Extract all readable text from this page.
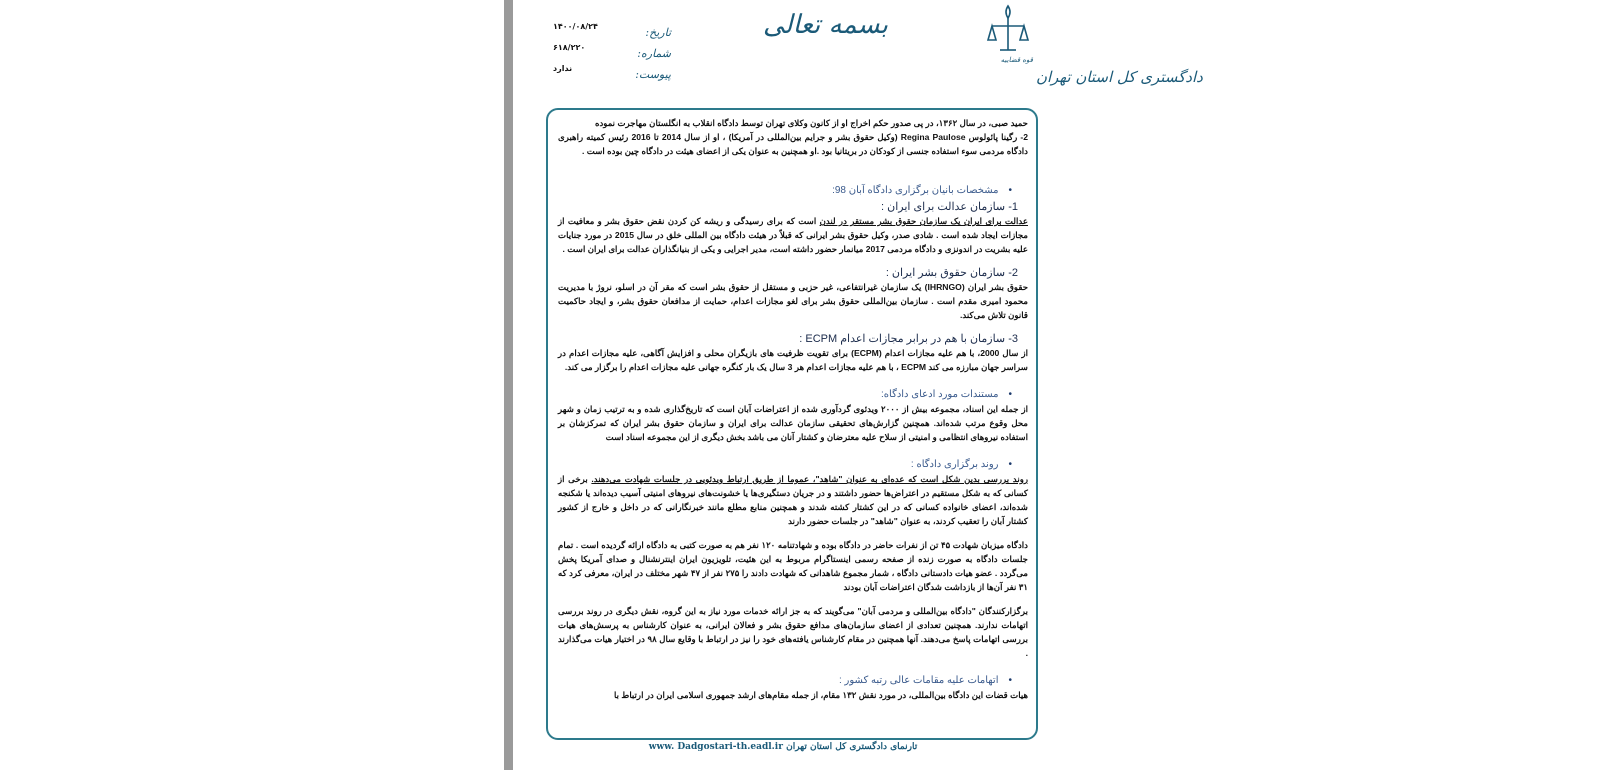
۱۴۰۰/۰۸/۲۴
۶۱۸/۲۲۰
ندارد
تاریخ:
شماره:
پیوست:
بسمه تعالی
دادگستری کل استان تهران
قوه قضاییه

حمید صبی، در سال ۱۳۶۲، در پی صدور حکم اخراج او از کانون وکلای تهران توسط دادگاه انقلاب به انگلستان مهاجرت نموده

2- رگینا پائولوس Regina Paulose (وکیل حقوق بشر و جرایم بین‌المللی در آمریکا) ، او از سال 2014 تا 2016 رئیس کمیته راهبری دادگاه مردمی سوء استفاده جنسی از کودکان در بریتانیا بود .او همچنین به عنوان یکی از اعضای هیئت در دادگاه چین بوده است .

• مشخصات بانیان برگزاری دادگاه آبان 98:

1- سازمان عدالت برای ایران :

عدالت برای ایران یک سازمان حقوق بشر مستقر در لندن است که برای رسیدگی و ریشه کن کردن نقض حقوق بشر و معافیت از مجازات ایجاد شده است . شادی صدر، وکیل حقوق بشر ایرانی که قبلاً در هیئت دادگاه بین المللی خلق در سال 2015 در مورد جنایات علیه بشریت در اندونزی و دادگاه مردمی 2017 میانمار حضور داشته است، مدیر اجرایی و یکی از بنیانگذاران عدالت برای ایران است .

2- سازمان حقوق بشر ایران :

حقوق بشر ایران (IHRNGO) یک سازمان غیرانتفاعی، غیر حزبی و مستقل از حقوق بشر است که مقر آن در اسلو، نروژ با مدیریت محمود امیری مقدم است . سازمان بین‌المللی حقوق بشر برای لغو مجازات اعدام، حمایت از مدافعان حقوق بشر، و ایجاد حاکمیت قانون تلاش می‌کند.

3- سازمان با هم در برابر مجازات اعدام ECPM :

از سال 2000، با هم علیه مجازات اعدام (ECPM) برای تقویت ظرفیت های بازیگران محلی و افزایش آگاهی، علیه مجازات اعدام در سراسر جهان مبارزه می کند ECPM ، با هم علیه مجازات اعدام هر 3 سال یک بار کنگره جهانی علیه مجازات اعدام را برگزار می کند.

• مستندات مورد ادعای دادگاه:

از جمله این اسناد، مجموعه بیش از ۲۰۰۰ ویدئوی گردآوری شده از اعتراضات آبان است که تاریخ‌گذاری شده و به ترتیب زمان و شهر محل وقوع مرتب شده‌اند. همچنین گزارش‌های تحقیقی سازمان عدالت برای ایران و سازمان حقوق بشر ایران که تمرکزشان بر استفاده نیروهای انتظامی و امنیتی از سلاح علیه معترضان و کشتار آنان می باشد بخش دیگری از این مجموعه اسناد است

• روند برگزاری دادگاه :

روند بررسی بدین شکل است که عده‌ای به عنوان "شاهد"، عموما از طریق ارتباط ویدئویی در جلسات شهادت می‌دهند. برخی از کسانی که به شکل مستقیم در اعتراض‌ها حضور داشتند و در جریان دستگیری‌ها یا خشونت‌های نیروهای امنیتی آسیب دیده‌اند یا شکنجه شده‌اند، اعضای خانواده کسانی که در این کشتار کشته شدند و همچنین منابع مطلع مانند خبرنگارانی که در داخل و خارج از کشور کشتار آبان را تعقیب کردند، به عنوان "شاهد" در جلسات حضور دارند

دادگاه میزبان شهادت ۴۵ تن از نفرات حاضر در دادگاه بوده و شهادتنامه ۱۲۰ نفر هم به صورت کتبی به دادگاه ارائه گردیده است . تمام جلسات دادگاه به صورت زنده از صفحه رسمی اینستاگرام مربوط به این هئیت، تلویزیون ایران اینترنشنال و صدای آمریکا پخش می‌گردد . عضو هیات دادستانی دادگاه ، شمار مجموع شاهدانی که شهادت دادند را ۲۷۵ نفر از ۴۷ شهر مختلف در ایران، معرفی کرد که ۳۱ نفر آن‌ها از بازداشت شدگان اعتراضات آبان بودند

برگزارکنندگان "دادگاه بین‌المللی و مردمی آبان" می‌گویند که به جز ارائه خدمات مورد نیاز به این گروه، نقش دیگری در روند بررسی اتهامات ندارند. همچنین تعدادی از اعضای سازمان‌های مدافع حقوق بشر و فعالان ایرانی، به عنوان کارشناس به پرسش‌های هیات بررسی اتهامات پاسخ می‌دهند. آنها همچنین در مقام کارشناس یافته‌های خود را نیز در ارتباط با وقایع سال ۹۸ در اختیار هیات می‌گذارند .

• اتهامات علیه مقامات عالی رتبه کشور :

هیات قضات این دادگاه بین‌المللی، در مورد نقش ۱۳۲ مقام، از جمله مقام‌های ارشد جمهوری اسلامی ایران در ارتباط با

www. Dadgostari-th.eadl.ir تارنمای دادگستری کل استان تهران
